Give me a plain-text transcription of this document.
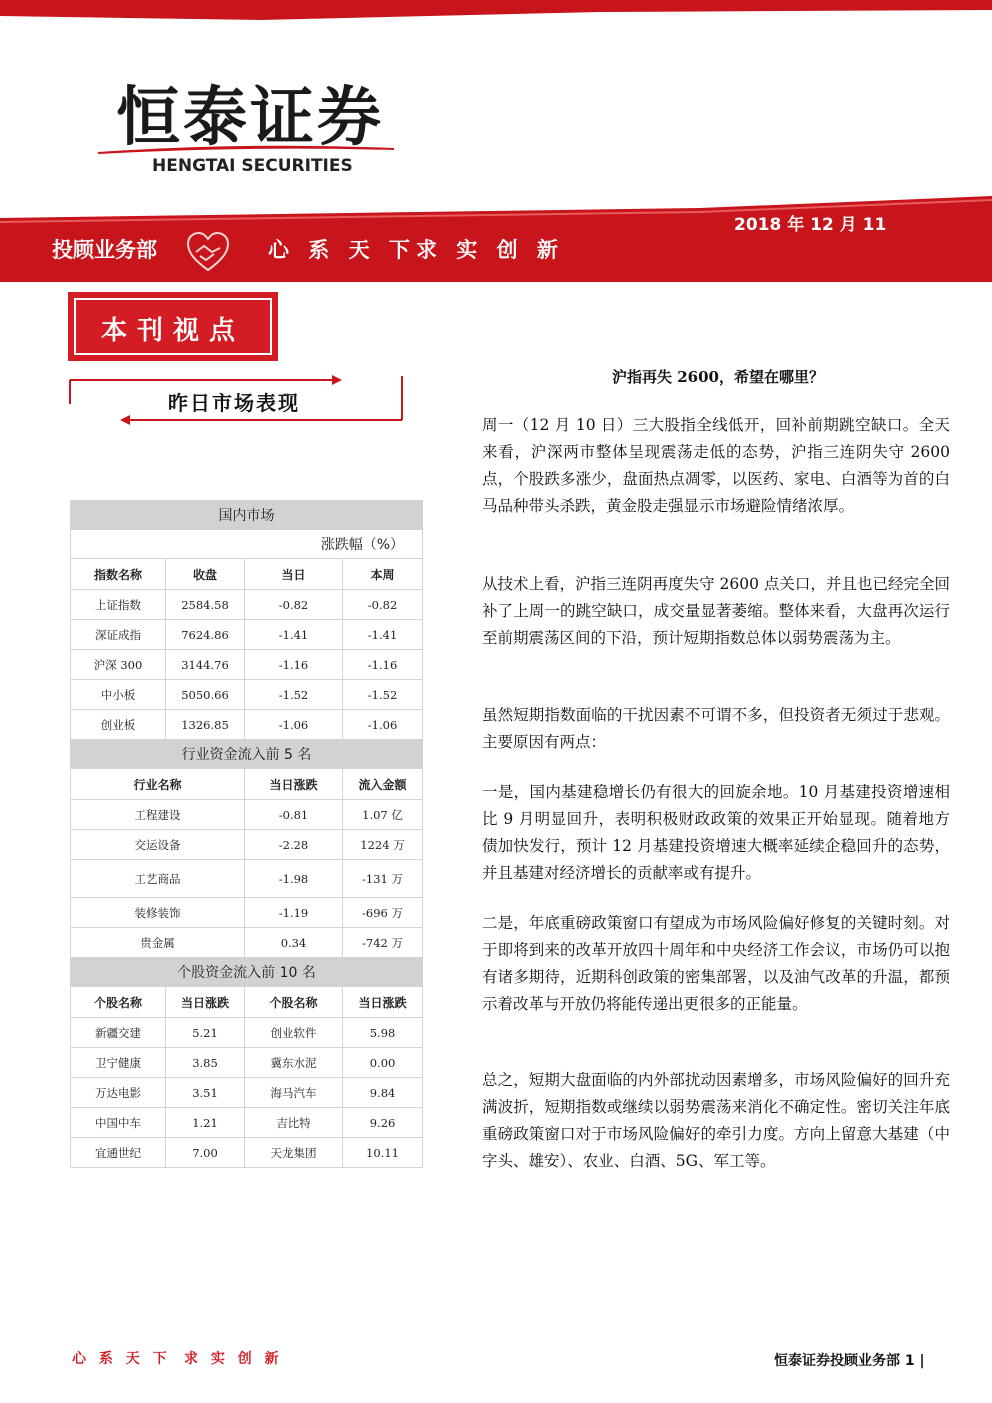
恒泰证券
HENGTAI SECURITIES
2018 年 12 月 11
投顾业务部	心 系 天 下 求 实 创 新
本刊视点
昨日市场表现
国内市场			
涨跌幅（%）			
指数名称	收盘	当日	本周
上证指数	2584.58	-0.82	-0.82
深证成指	7624.86	-1.41	-1.41
沪深 300	3144.76	-1.16	-1.16
中小板	5050.66	-1.52	-1.52
创业板	1326.85	-1.06	-1.06
行业资金流入前 5 名			
行业名称		当日涨跌	流入金额
工程建设		-0.81	1.07 亿
交运设备		-2.28	1224 万
工艺商品		-1.98	-131 万
装修装饰		-1.19	-696 万
贵金属		0.34	-742 万
个股资金流入前 10 名			
个股名称	当日涨跌	个股名称	当日涨跌
新疆交建	5.21	创业软件	5.98
卫宁健康	3.85	冀东水泥	0.00
万达电影	3.51	海马汽车	9.84
中国中车	1.21	吉比特	9.26
宜通世纪	7.00	天龙集团	10.11
沪指再失 2600，希望在哪里？

周一（12 月 10 日）三大股指全线低开，回补前期跳空缺口。全天来看，沪深两市整体呈现震荡走低的态势，沪指三连阴失守 2600 点，个股跌多涨少，盘面热点凋零，以医药、家电、白酒等为首的白马品种带头杀跌，黄金股走强显示市场避险情绪浓厚。

从技术上看，沪指三连阴再度失守 2600 点关口，并且也已经完全回补了上周一的跳空缺口，成交量显著萎缩。整体来看，大盘再次运行至前期震荡区间的下沿，预计短期指数总体以弱势震荡为主。

虽然短期指数面临的干扰因素不可谓不多，但投资者无须过于悲观。主要原因有两点：

一是，国内基建稳增长仍有很大的回旋余地。10 月基建投资增速相比 9 月明显回升，表明积极财政政策的效果正开始显现。随着地方债加快发行，预计 12 月基建投资增速大概率延续企稳回升的态势，并且基建对经济增长的贡献率或有提升。

二是，年底重磅政策窗口有望成为市场风险偏好修复的关键时刻。对于即将到来的改革开放四十周年和中央经济工作会议，市场仍可以抱有诸多期待，近期科创政策的密集部署，以及油气改革的升温，都预示着改革与开放仍将能传递出更很多的正能量。

总之，短期大盘面临的内外部扰动因素增多，市场风险偏好的回升充满波折，短期指数或继续以弱势震荡来消化不确定性。密切关注年底重磅政策窗口对于市场风险偏好的牵引力度。方向上留意大基建（中字头、雄安）、农业、白酒、5G、军工等。

心 系 天 下 求 实 创 新	恒泰证券投顾业务部 1 |
